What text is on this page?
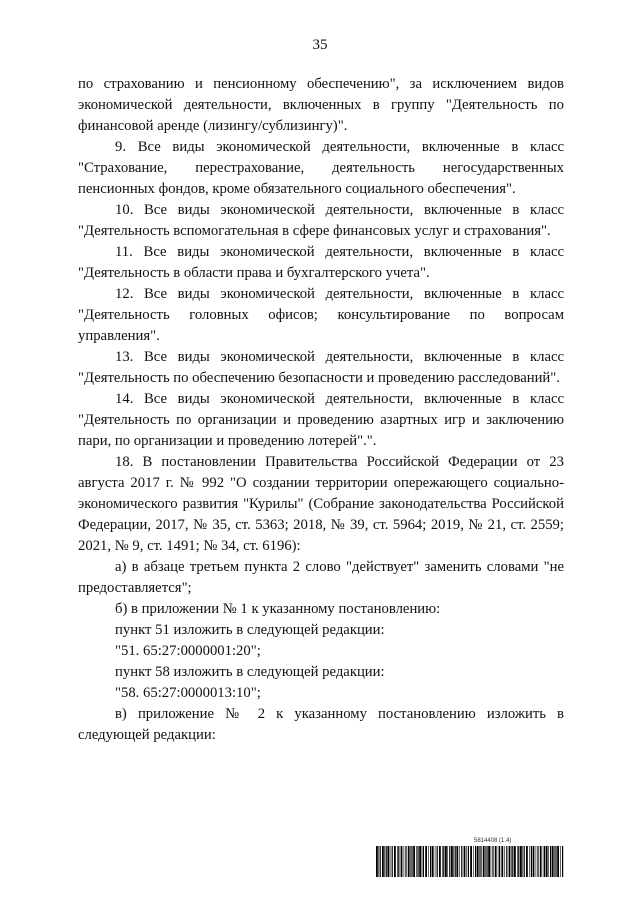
35

по страхованию и пенсионному обеспечению", за исключением видов экономической деятельности, включенных в группу "Деятельность по финансовой аренде (лизингу/сублизингу)".

9. Все виды экономической деятельности, включенные в класс "Страхование, перестрахование, деятельность негосударственных пенсионных фондов, кроме обязательного социального обеспечения".

10. Все виды экономической деятельности, включенные в класс "Деятельность вспомогательная в сфере финансовых услуг и страхования".

11. Все виды экономической деятельности, включенные в класс "Деятельность в области права и бухгалтерского учета".

12. Все виды экономической деятельности, включенные в класс "Деятельность головных офисов; консультирование по вопросам управления".

13. Все виды экономической деятельности, включенные в класс "Деятельность по обеспечению безопасности и проведению расследований".

14. Все виды экономической деятельности, включенные в класс "Деятельность по организации и проведению азартных игр и заключению пари, по организации и проведению лотерей".".

18. В постановлении Правительства Российской Федерации от 23 августа 2017 г. № 992 "О создании территории опережающего социально-экономического развития "Курилы" (Собрание законодательства Российской Федерации, 2017, № 35, ст. 5363; 2018, № 39, ст. 5964; 2019, № 21, ст. 2559; 2021, № 9, ст. 1491; № 34, ст. 6196):

а) в абзаце третьем пункта 2 слово "действует" заменить словами "не предоставляется";

б) в приложении № 1 к указанному постановлению:

пункт 51 изложить в следующей редакции:

"51. 65:27:0000001:20";

пункт 58 изложить в следующей редакции:

"58. 65:27:0000013:10";

в) приложение № 2 к указанному постановлению изложить в следующей редакции:

5814408 (1.4)
